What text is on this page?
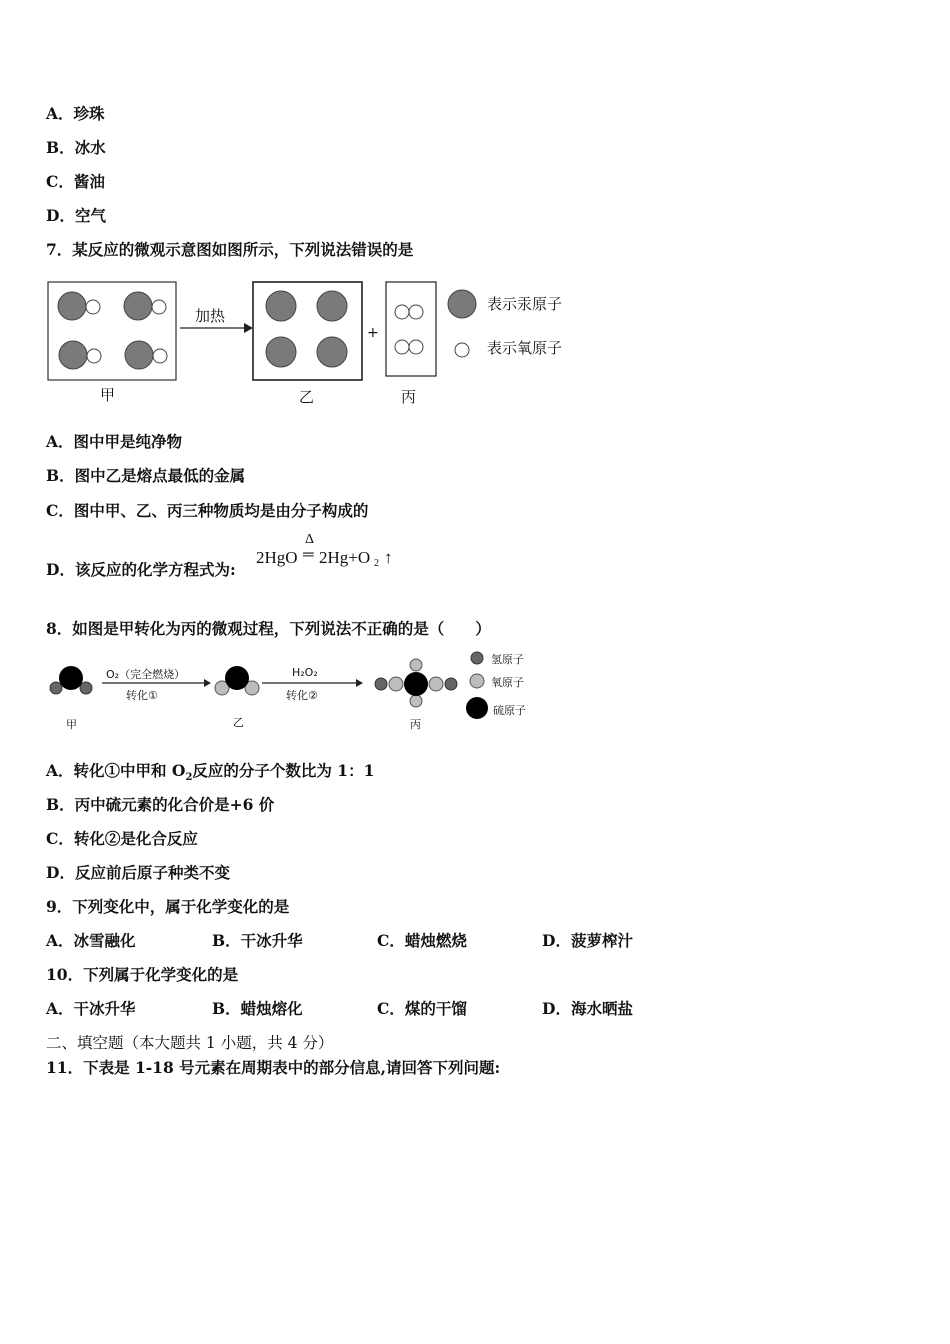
A．珍珠
B．冰水
C．酱油
D．空气
7．某反应的微观示意图如图所示，下列说法错误的是
加热
+
甲	乙	丙
表示汞原子
表示氧原子
A．图中甲是纯净物
B．图中乙是熔点最低的金属
C．图中甲、乙、丙三种物质均是由分子构成的
D．该反应的化学方程式为:
2HgO
Δ
═ 2Hg+O 2 ↑
8．如图是甲转化为丙的微观过程，下列说法不正确的是（　　）
O₂（完全燃烧）
转化①
H₂O₂
转化②
甲	乙	丙
氢原子
氧原子
硫原子
A．转化①中甲和 $O_2$反应的分子个数比为 1：1
B．丙中硫元素的化合价是+6 价
C．转化②是化合反应
D．反应前后原子种类不变
9．下列变化中，属于化学变化的是
A．冰雪融化	B．干冰升华	C．蜡烛燃烧	D．菠萝榨汁
10．下列属于化学变化的是
A．干冰升华	B．蜡烛熔化	C．煤的干馏	D．海水晒盐
二、填空题（本大题共 1 小题，共 4 分）
11．下表是 1-18 号元素在周期表中的部分信息,请回答下列问题:
